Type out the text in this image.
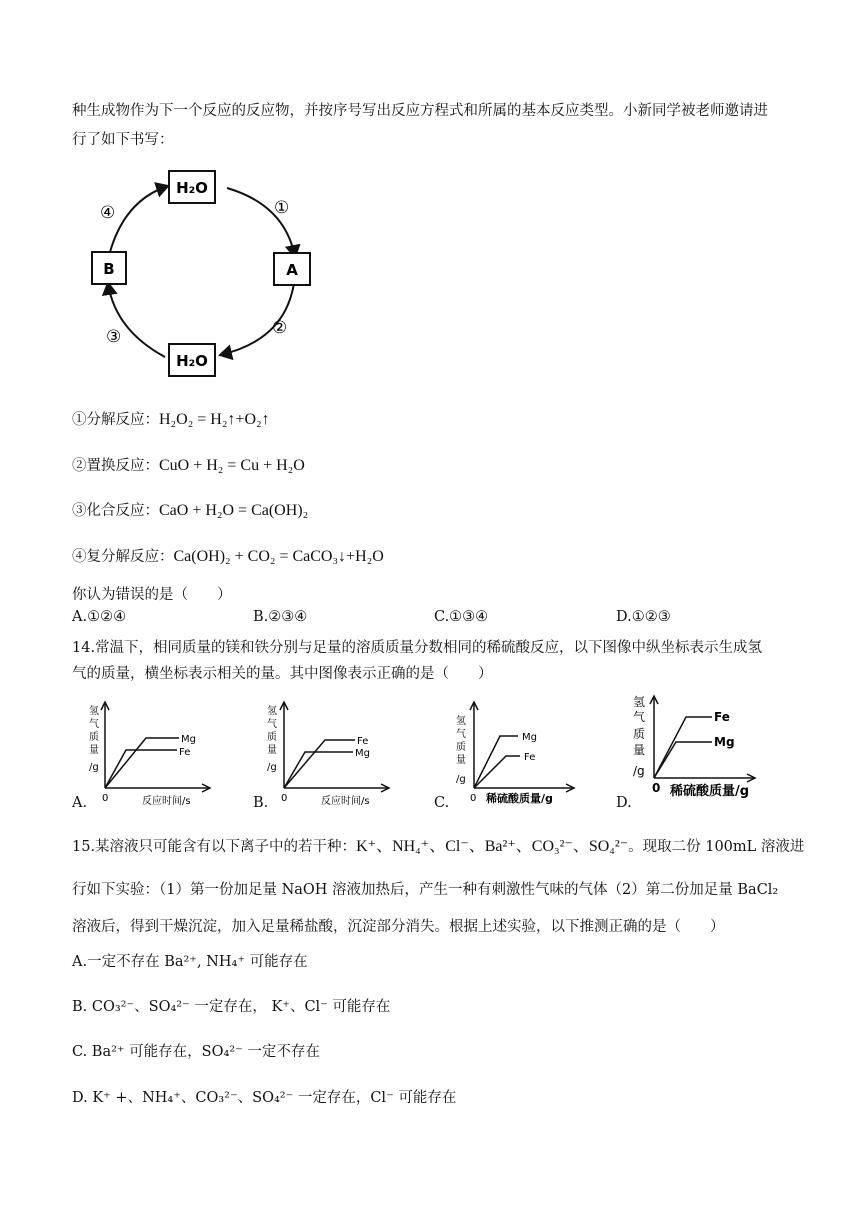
种生成物作为下一个反应的反应物，并按序号写出反应方程式和所属的基本反应类型。小新同学被老师邀请进
行了如下书写：
H₂O
A
H₂O
B
①
②
③
④
①分解反应：H₂O₂ = H₂↑+O₂↑
②置换反应：CuO + H₂ = Cu + H₂O
③化合反应：CaO + H₂O = Ca(OH)₂
④复分解反应：Ca(OH)₂ + CO₂ = CaCO₃↓+H₂O
你认为错误的是（　　）
A.①②④	B.②③④	C.①③④	D.①②③
14.常温下，相同质量的镁和铁分别与足量的溶质质量分数相同的稀硫酸反应，以下图像中纵坐标表示生成氢
气的质量，横坐标表示相关的量。其中图像表示正确的是（　　）
A.
氢
气
质
量
/g
0	反应时间/s
Mg
Fe
B.
氢
气
质
量
/g
0	反应时间/s
Fe
Mg
C.
氢
气
质
量
/g
0 稀硫酸质量/g
Mg
Fe
D.
氢
气
质
量
/g
0 稀硫酸质量/g
Fe
Mg
15.某溶液只可能含有以下离子中的若干种：K⁺、NH₄⁺、Cl⁻、Ba²⁺、CO₃²⁻、SO₄²⁻。现取二份 100mL 溶液进
行如下实验：（1）第一份加足量 NaOH 溶液加热后，产生一种有刺激性气味的气体（2）第二份加足量 BaCl₂
溶液后，得到干燥沉淀，加入足量稀盐酸，沉淀部分消失。根据上述实验，以下推测正确的是（　　）
A.一定不存在 Ba²⁺, NH₄⁺ 可能存在
B. CO₃²⁻、SO₄²⁻ 一定存在， K⁺、Cl⁻ 可能存在
C. Ba²⁺ 可能存在，SO₄²⁻ 一定不存在
D. K⁺ +、NH₄⁺、CO₃²⁻、SO₄²⁻ 一定存在，Cl⁻ 可能存在
